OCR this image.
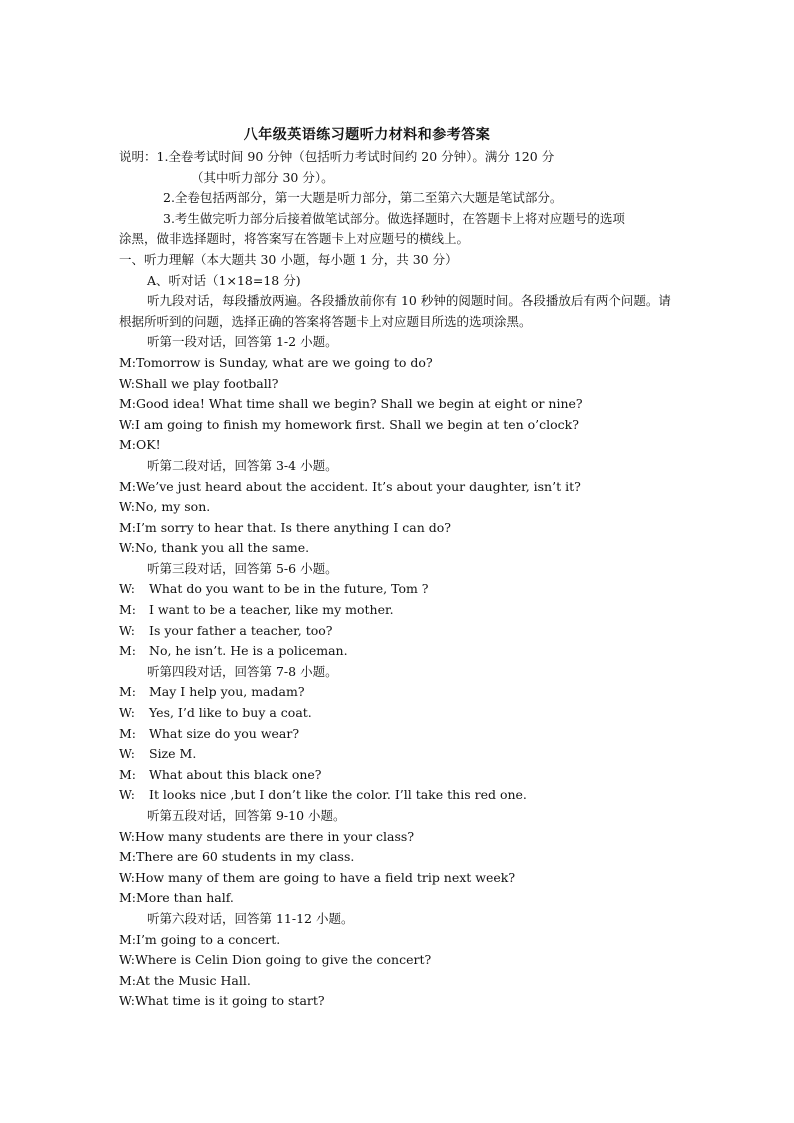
八年级英语练习题听力材料和参考答案
说明：1.全卷考试时间 90 分钟（包括听力考试时间约 20 分钟）。满分 120 分
（其中听力部分 30 分）。
2.全卷包括两部分，第一大题是听力部分，第二至第六大题是笔试部分。
3.考生做完听力部分后接着做笔试部分。做选择题时，在答题卡上将对应题号的选项
涂黑，做非选择题时，将答案写在答题卡上对应题号的横线上。
一、听力理解（本大题共 30 小题，每小题 1 分，共 30 分）
A、听对话（1×18=18 分)
听九段对话，每段播放两遍。各段播放前你有 10 秒钟的阅题时间。各段播放后有两个问题。请根据所听到的问题，选择正确的答案将答题卡上对应题目所选的选项涂黑。
听第一段对话，回答第 1-2 小题。
M:Tomorrow is Sunday, what are we going to do?
W:Shall we play football?
M:Good idea! What time shall we begin? Shall we begin at eight or nine?
W:I am going to finish my homework first. Shall we begin at ten o’clock?
M:OK!
听第二段对话，回答第 3-4 小题。
M:We’ve just heard about the accident. It’s about your daughter, isn’t it?
W:No, my son.
M:I’m sorry to hear that. Is there anything I can do?
W:No, thank you all the same.
听第三段对话，回答第 5-6 小题。
W:	What do you want to be in the future, Tom ?
M:	I want to be a teacher, like my mother.
W:	Is your father a teacher, too?
M:	No, he isn’t. He is a policeman.
听第四段对话，回答第 7-8 小题。
M:	May I help you, madam?
W:	Yes, I’d like to buy a coat.
M:	What size do you wear?
W:	Size M.
M:	What about this black one?
W:	It looks nice ,but I don’t like the color. I’ll take this red one.
听第五段对话，回答第 9-10 小题。
W:How many students are there in your class?
M:There are 60 students in my class.
W:How many of them are going to have a field trip next week?
M:More than half.
听第六段对话，回答第 11-12 小题。
M:I’m going to a concert.
W:Where is Celin Dion going to give the concert?
M:At the Music Hall.
W:What time is it going to start?
